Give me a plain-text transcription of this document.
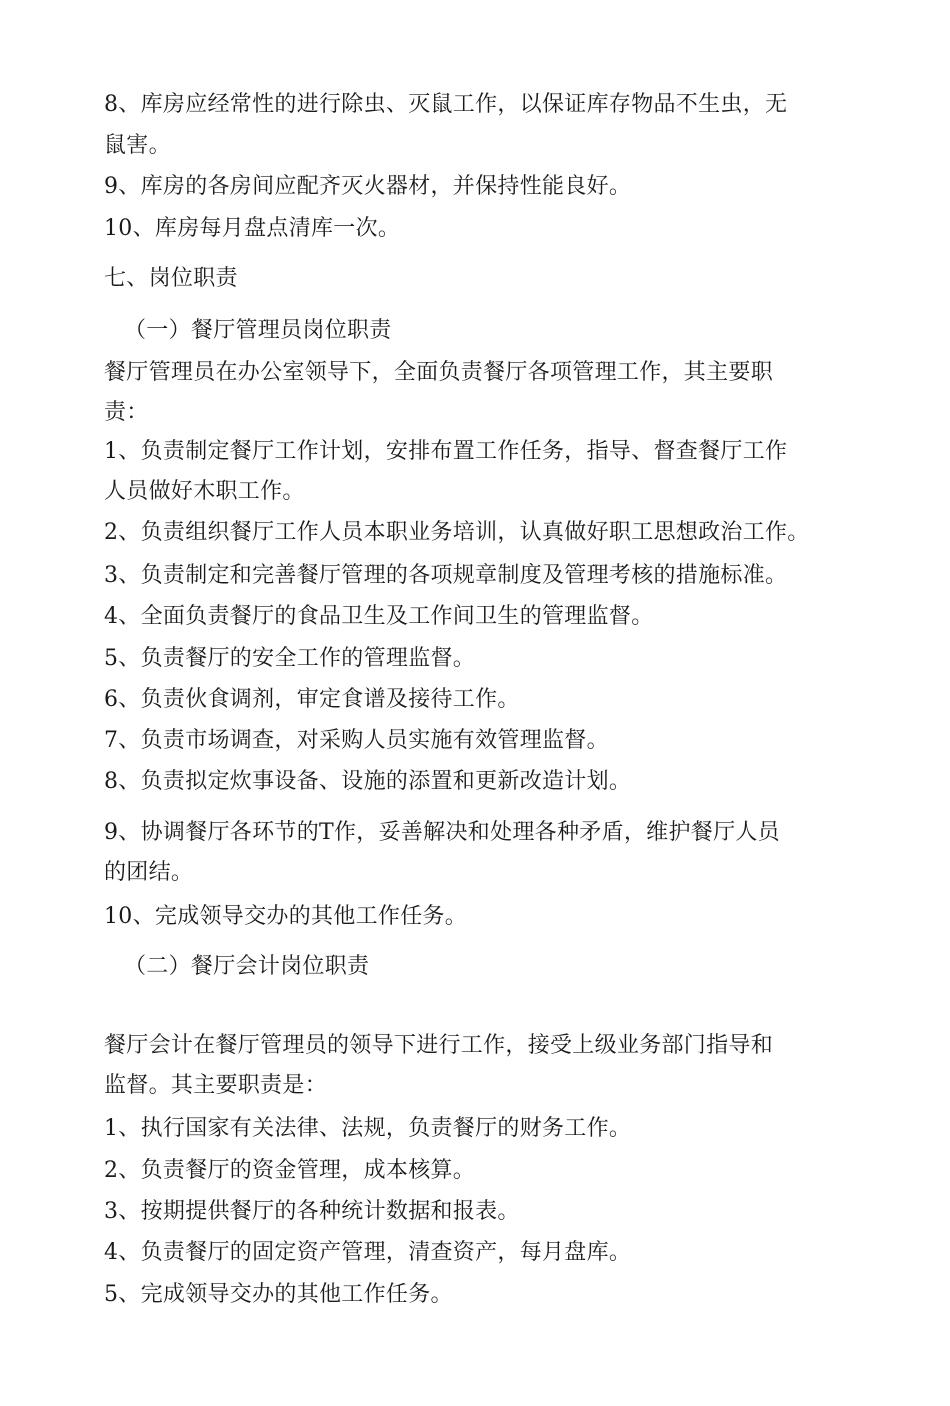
8、库房应经常性的进行除虫、灭鼠工作，以保证库存物品不生虫，无
鼠害。
9、库房的各房间应配齐灭火器材，并保持性能良好。
10、库房每月盘点清库一次。
七、岗位职责
（一）餐厅管理员岗位职责
餐厅管理员在办公室领导下，全面负责餐厅各项管理工作，其主要职
责：
1、负责制定餐厅工作计划，安排布置工作任务，指导、督查餐厅工作
人员做好木职工作。
2、负责组织餐厅工作人员本职业务培训，认真做好职工思想政治工作。
3、负责制定和完善餐厅管理的各项规章制度及管理考核的措施标准。
4、全面负责餐厅的食品卫生及工作间卫生的管理监督。
5、负责餐厅的安全工作的管理监督。
6、负责伙食调剂，审定食谱及接待工作。
7、负责市场调查，对采购人员实施有效管理监督。
8、负责拟定炊事设备、设施的添置和更新改造计划。
9、协调餐厅各环节的T作，妥善解决和处理各种矛盾，维护餐厅人员
的团结。
10、完成领导交办的其他工作任务。
（二）餐厅会计岗位职责
餐厅会计在餐厅管理员的领导下进行工作，接受上级业务部门指导和
监督。其主要职责是：
1、执行国家有关法律、法规，负责餐厅的财务工作。
2、负责餐厅的资金管理，成本核算。
3、按期提供餐厅的各种统计数据和报表。
4、负责餐厅的固定资产管理，清查资产，每月盘库。
5、完成领导交办的其他工作任务。
